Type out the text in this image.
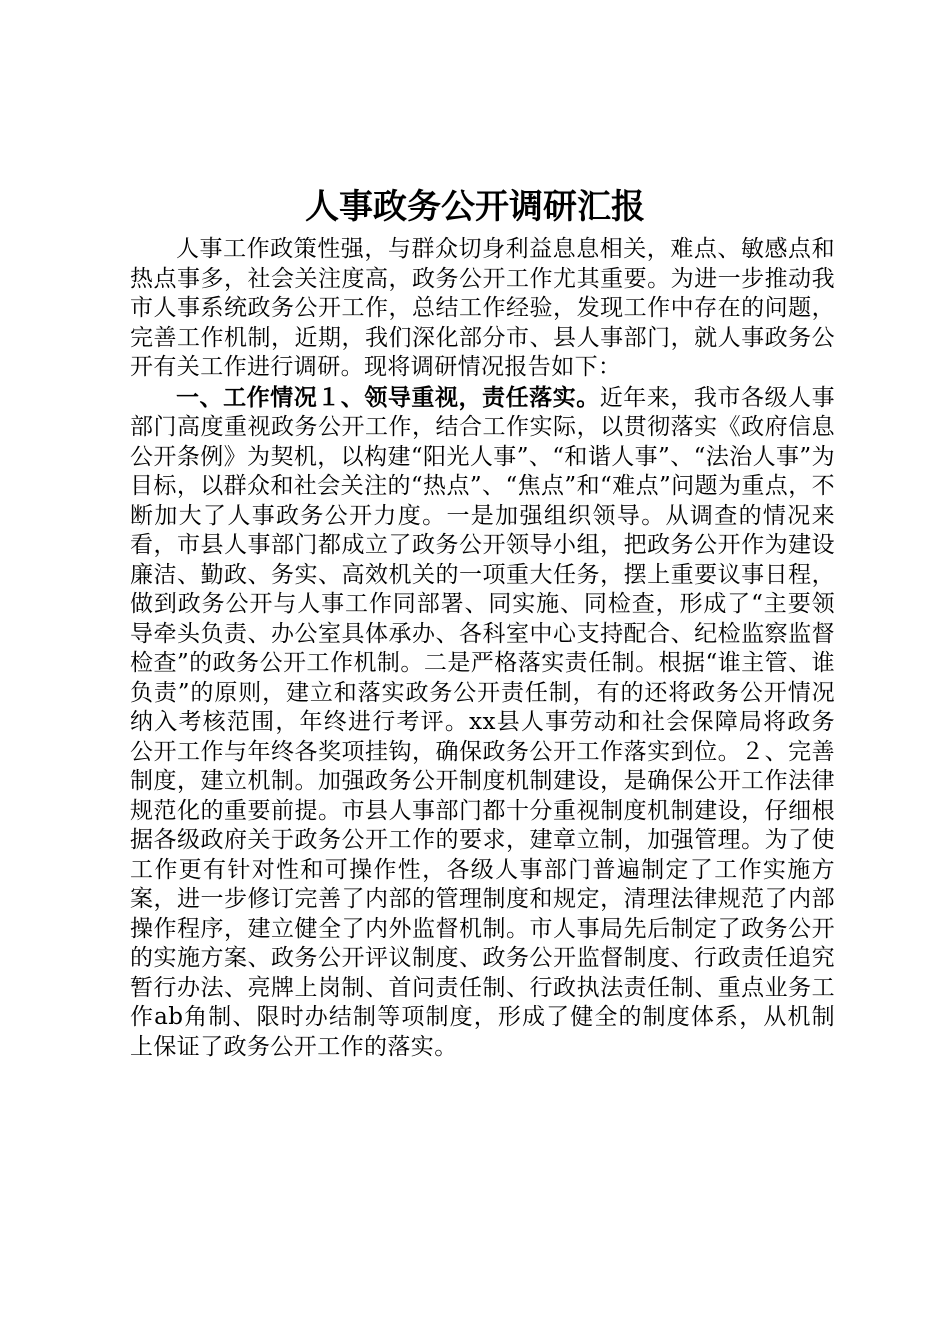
人事政务公开调研汇报

人事工作政策性强，与群众切身利益息息相关，难点、敏感点和热点事多，社会关注度高，政务公开工作尤其重要。为进一步推动我市人事系统政务公开工作，总结工作经验，发现工作中存在的问题，完善工作机制，近期，我们深化部分市、县人事部门，就人事政务公开有关工作进行调研。现将调研情况报告如下：

一、工作情况１、领导重视，责任落实。近年来，我市各级人事部门高度重视政务公开工作，结合工作实际，以贯彻落实《政府信息公开条例》为契机，以构建“阳光人事”、“和谐人事”、“法治人事”为目标，以群众和社会关注的“热点”、“焦点”和“难点”问题为重点，不断加大了人事政务公开力度。一是加强组织领导。从调查的情况来看，市县人事部门都成立了政务公开领导小组，把政务公开作为建设廉洁、勤政、务实、高效机关的一项重大任务，摆上重要议事日程，做到政务公开与人事工作同部署、同实施、同检查，形成了“主要领导牵头负责、办公室具体承办、各科室中心支持配合、纪检监察监督检查”的政务公开工作机制。二是严格落实责任制。根据“谁主管、谁负责”的原则，建立和落实政务公开责任制，有的还将政务公开情况纳入考核范围，年终进行考评。xx县人事劳动和社会保障局将政务公开工作与年终各奖项挂钩，确保政务公开工作落实到位。２、完善制度，建立机制。加强政务公开制度机制建设，是确保公开工作法律规范化的重要前提。市县人事部门都十分重视制度机制建设，仔细根据各级政府关于政务公开工作的要求，建章立制，加强管理。为了使工作更有针对性和可操作性，各级人事部门普遍制定了工作实施方案，进一步修订完善了内部的管理制度和规定，清理法律规范了内部操作程序，建立健全了内外监督机制。市人事局先后制定了政务公开的实施方案、政务公开评议制度、政务公开监督制度、行政责任追究暂行办法、亮牌上岗制、首问责任制、行政执法责任制、重点业务工作ab角制、限时办结制等项制度，形成了健全的制度体系，从机制上保证了政务公开工作的落实。
